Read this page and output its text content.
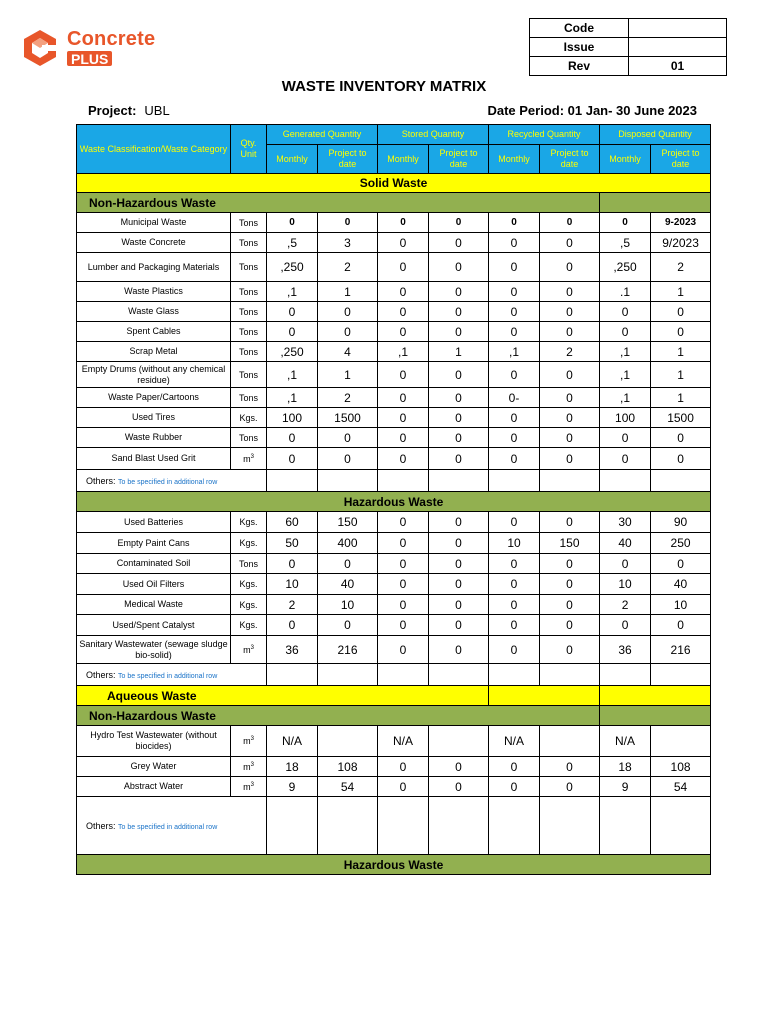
Concrete
PLUS
Code	
Issue	
Rev	01
WASTE INVENTORY MATRIX
Project: UBL	Date Period: 01 Jan- 30 June 2023
Waste Classification/Waste Category	Qty. Unit	Generated Quantity		Stored Quantity		Recycled Quantity		Disposed Quantity	
		Monthly	Project to date	Monthly	Project to date	Monthly	Project to date	Monthly	Project to date
Solid Waste									
Non-Hazardous Waste									
Municipal Waste	Tons	0	0	0	0	0	0	0	9-2023
Waste Concrete	Tons	,5	3	0	0	0	0	,5	9/2023
Lumber and Packaging Materials	Tons	,250	2	0	0	0	0	,250	2
Waste Plastics	Tons	,1	1	0	0	0	0	.1	1
Waste Glass	Tons	0	0	0	0	0	0	0	0
Spent Cables	Tons	0	0	0	0	0	0	0	0
Scrap Metal	Tons	,250	4	,1	1	,1	2	,1	1
Empty Drums (without any chemical residue)	Tons	,1	1	0	0	0	0	,1	1
Waste Paper/Cartoons	Tons	,1	2	0	0	0-	0	,1	1
Used Tires	Kgs.	100	1500	0	0	0	0	100	1500
Waste Rubber	Tons	0	0	0	0	0	0	0	0
Sand Blast Used Grit	$m^3$	0	0	0	0	0	0	0	0
Others: To be specified in additional row									
Hazardous Waste									
Used Batteries	Kgs.	60	150	0	0	0	0	30	90
Empty Paint Cans	Kgs.	50	400	0	0	10	150	40	250
Contaminated Soil	Tons	0	0	0	0	0	0	0	0
Used Oil Filters	Kgs.	10	40	0	0	0	0	10	40
Medical Waste	Kgs.	2	10	0	0	0	0	2	10
Used/Spent Catalyst	Kgs.	0	0	0	0	0	0	0	0
Sanitary Wastewater (sewage sludge bio-solid)	$m^3$	36	216	0	0	0	0	36	216
Others: To be specified in additional row									
Aqueous Waste									
Non-Hazardous Waste									
Hydro Test Wastewater (without biocides)	$m^3$	N/A		N/A		N/A		N/A	
Grey Water	$m^3$	18	108	0	0	0	0	18	108
Abstract Water	$m^3$	9	54	0	0	0	0	9	54
Others: To be specified in additional row									
Hazardous Waste									
